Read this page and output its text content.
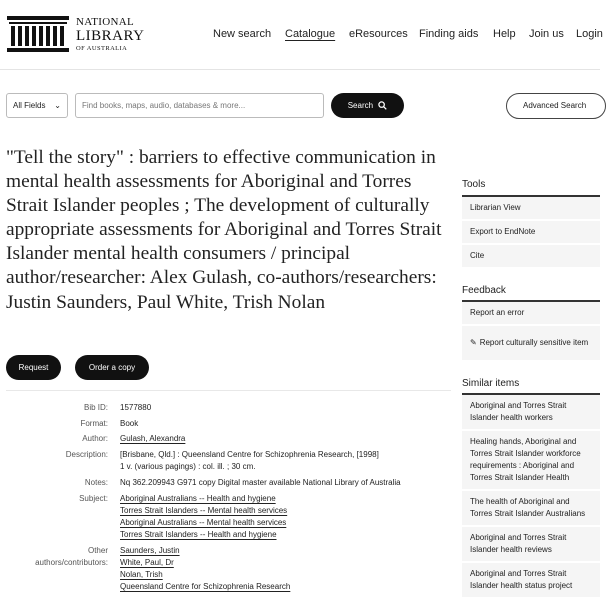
NATIONAL
LIBRARY
OF AUSTRALIA
New search Catalogue eResources Finding aids Help Join us Login
All Fields ⌄	Find books, maps, audio, databases & more...	Search	Advanced Search
"Tell the story" : barriers to effective communication in mental health assessments for Aboriginal and Torres Strait Islander peoples ; The development of culturally appropriate assessments for Aboriginal and Torres Strait Islander mental health consumers / principal author/researcher: Alex Gulash, co-authors/researchers: Justin Saunders, Paul White, Trish Nolan
Request	Order a copy
Bib ID: 1577880
Format: Book
Author: Gulash, Alexandra
Description: [Brisbane, Qld.] : Queensland Centre for Schizophrenia Research, [1998]
1 v. (various pagings) : col. ill. ; 30 cm.
Notes: Nq 362.209943 G971 copy Digital master available National Library of Australia
Subject: Aboriginal Australians -- Health and hygiene
Torres Strait Islanders -- Mental health services
Aboriginal Australians -- Mental health services
Torres Strait Islanders -- Health and hygiene
Other
authors/contributors:
Saunders, Justin
White, Paul, Dr
Nolan, Trish
Queensland Centre for Schizophrenia Research
Tools
Librarian View
Export to EndNote
Cite
Feedback
Report an error
✎ Report culturally sensitive item
Similar items
Aboriginal and Torres Strait Islander health workers
Healing hands, Aboriginal and Torres Strait Islander workforce requirements : Aboriginal and Torres Strait Islander Health
The health of Aboriginal and Torres Strait Islander Australians
Aboriginal and Torres Strait Islander health reviews
Aboriginal and Torres Strait Islander health status project
